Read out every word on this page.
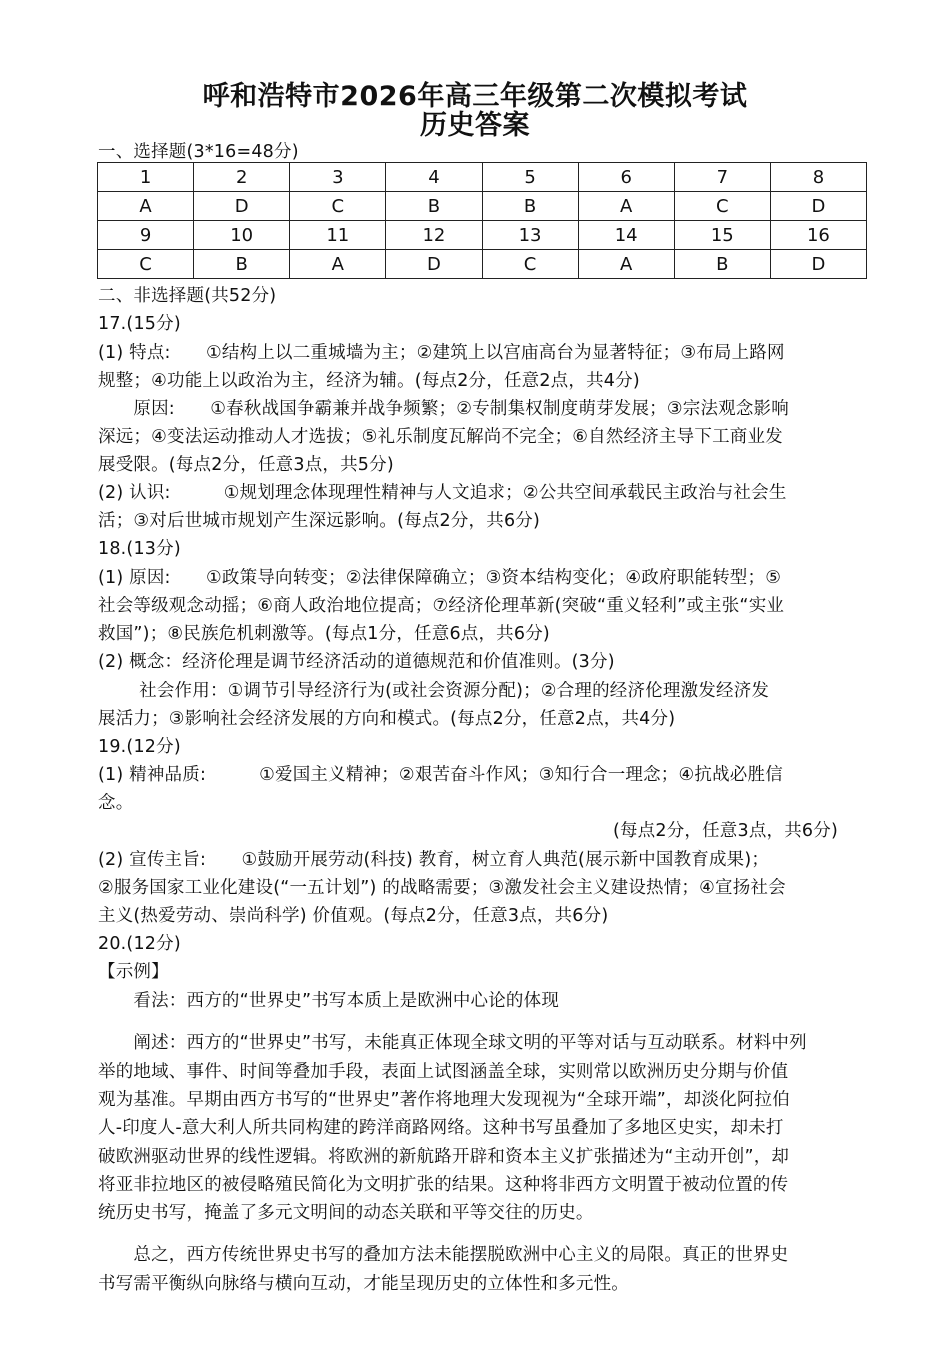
呼和浩特市2026年高三年级第二次模拟考试
历史答案
一、选择题(3*16=48分)
1	2	3	4	5	6	7	8
A	D	C	B	B	A	C	D
9	10	11	12	13	14	15	16
C	B	A	D	C	A	B	D
二、非选择题(共52分)
17.(15分)
(1) 特点:　　①结构上以二重城墙为主；②建筑上以宫庙高台为显著特征；③布局上路网
规整；④功能上以政治为主，经济为辅。(每点2分，任意2点，共4分)
　　原因:　　①春秋战国争霸兼并战争频繁；②专制集权制度萌芽发展；③宗法观念影响
深远；④变法运动推动人才选拔；⑤礼乐制度瓦解尚不完全；⑥自然经济主导下工商业发
展受限。(每点2分，任意3点，共5分)
(2) 认识:　　　①规划理念体现理性精神与人文追求；②公共空间承载民主政治与社会生
活；③对后世城市规划产生深远影响。(每点2分，共6分)
18.(13分)
(1) 原因:　　①政策导向转变；②法律保障确立；③资本结构变化；④政府职能转型；⑤
社会等级观念动摇；⑥商人政治地位提高；⑦经济伦理革新(突破“重义轻利”或主张“实业
救国”)；⑧民族危机刺激等。(每点1分，任意6点，共6分)
(2) 概念：经济伦理是调节经济活动的道德规范和价值准则。(3分)
　　 社会作用：①调节引导经济行为(或社会资源分配)；②合理的经济伦理激发经济发
展活力；③影响社会经济发展的方向和模式。(每点2分，任意2点，共4分)
19.(12分)
(1) 精神品质:　　　①爱国主义精神；②艰苦奋斗作风；③知行合一理念；④抗战必胜信
念。
(每点2分，任意3点，共6分)
(2) 宣传主旨:　　①鼓励开展劳动(科技) 教育，树立育人典范(展示新中国教育成果)；
②服务国家工业化建设(“一五计划”) 的战略需要；③激发社会主义建设热情；④宣扬社会
主义(热爱劳动、崇尚科学) 价值观。(每点2分，任意3点，共6分)
20.(12分)
【示例】
　　看法：西方的“世界史”书写本质上是欧洲中心论的体现
　　阐述：西方的“世界史”书写，未能真正体现全球文明的平等对话与互动联系。材料中列
举的地域、事件、时间等叠加手段，表面上试图涵盖全球，实则常以欧洲历史分期与价值
观为基准。早期由西方书写的“世界史”著作将地理大发现视为“全球开端”，却淡化阿拉伯
人-印度人-意大利人所共同构建的跨洋商路网络。这种书写虽叠加了多地区史实，却未打
破欧洲驱动世界的线性逻辑。将欧洲的新航路开辟和资本主义扩张描述为“主动开创”，却
将亚非拉地区的被侵略殖民简化为文明扩张的结果。这种将非西方文明置于被动位置的传
统历史书写，掩盖了多元文明间的动态关联和平等交往的历史。
　　总之，西方传统世界史书写的叠加方法未能摆脱欧洲中心主义的局限。真正的世界史
书写需平衡纵向脉络与横向互动，才能呈现历史的立体性和多元性。
